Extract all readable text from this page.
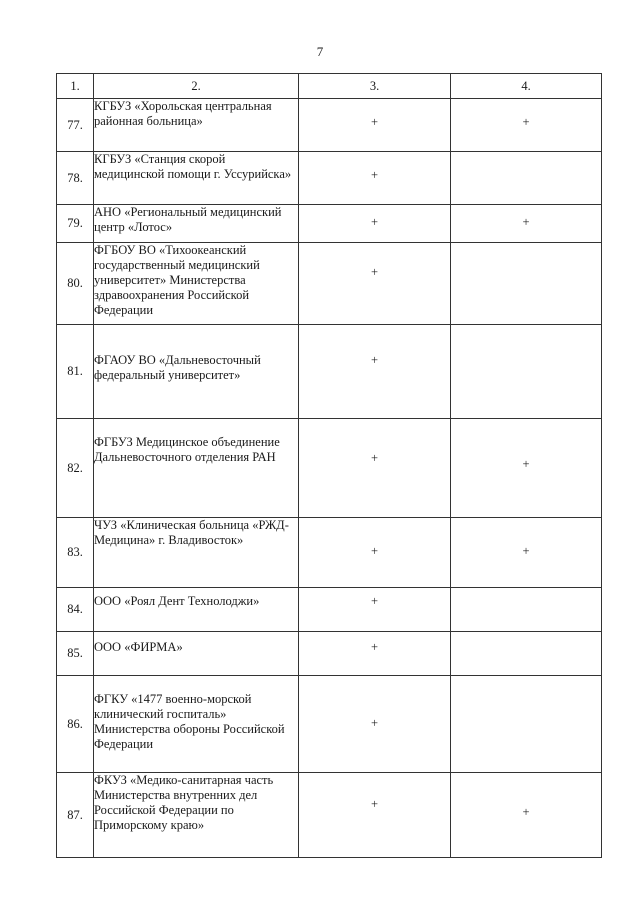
7
1.	2.	3.	4.
77.	КГБУЗ «Хорольская центральная районная больница»	+	+

78.	КГБУЗ «Станция скорой медицинской помощи г. Уссурийска»	+	

79.	АНО «Региональный медицинский центр «Лотос»	+	+

80.	ФГБОУ ВО «Тихоокеанский государственный медицинский университет» Министерства здравоохранения Российской Федерации	+	

81.	ФГАОУ ВО «Дальневосточный федеральный университет»	+	

82.	ФГБУЗ Медицинское объединение Дальневосточного отделения РАН	+	+

83.	ЧУЗ «Клиническая больница «РЖД-Медицина» г. Владивосток»	+	+

84.	ООО «Роял Дент Технолоджи»	+	

85.	ООО «ФИРМА»	+	

86.	ФГКУ «1477 военно-морской клинический госпиталь» Министерства обороны Российской Федерации	+	

87.	ФКУЗ «Медико-санитарная часть Министерства внутренних дел Российской Федерации по Приморскому краю»	+	+
